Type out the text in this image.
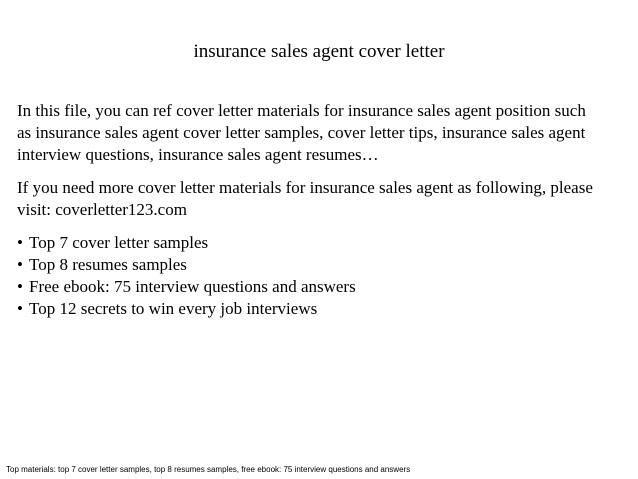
insurance sales agent cover letter

In this file, you can ref cover letter materials for insurance sales agent position such
as insurance sales agent cover letter samples, cover letter tips, insurance sales agent
interview questions, insurance sales agent resumes…

If you need more cover letter materials for insurance sales agent as following, please
visit: coverletter123.com

• Top 7 cover letter samples
• Top 8 resumes samples
• Free ebook: 75 interview questions and answers
• Top 12 secrets to win every job interviews
Top materials: top 7 cover letter samples, top 8 resumes samples, free ebook: 75 interview questions and answers
